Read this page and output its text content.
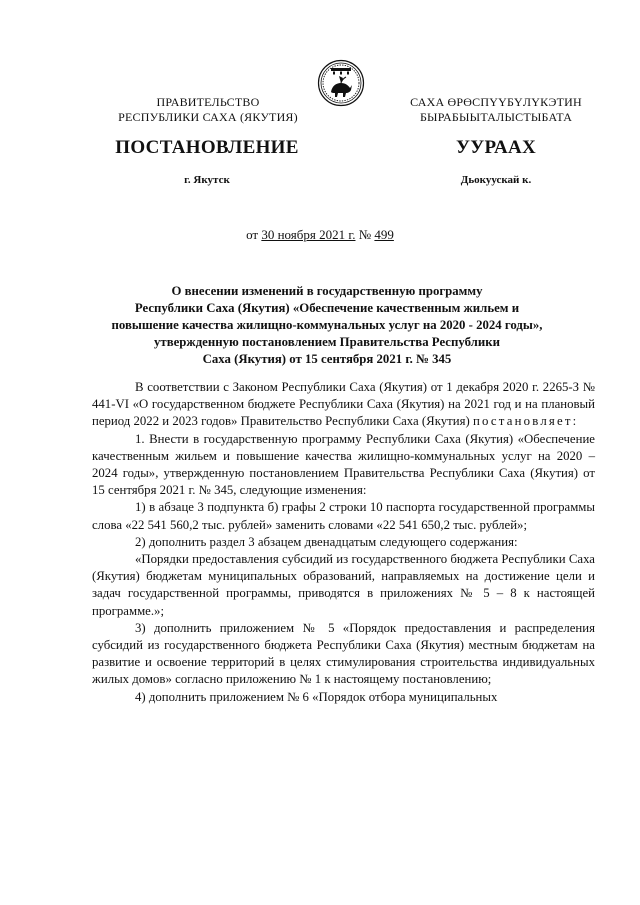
ПРАВИТЕЛЬСТВО
РЕСПУБЛИКИ САХА (ЯКУТИЯ)
САХА ӨРӨСПҮҮБҮЛҮКЭТИН
БЫРАБЫЫТАЛЫСТЫБАТА
ПОСТАНОВЛЕНИЕ	УУРААХ
г. Якутск	Дьокуускай к.
от 30 ноября 2021 г. № 499
О внесении изменений в государственную программу
Республики Саха (Якутия) «Обеспечение качественным жильем и
повышение качества жилищно-коммунальных услуг на 2020 - 2024 годы»,
утвержденную постановлением Правительства Республики
Саха (Якутия) от 15 сентября 2021 г. № 345

В соответствии с Законом Республики Саха (Якутия) от 1 декабря 2020 г. 2265-З № 441-VI «О государственном бюджете Республики Саха (Якутия) на 2021 год и на плановый период 2022 и 2023 годов» Правительство Республики Саха (Якутия) постановляет:

1. Внести в государственную программу Республики Саха (Якутия) «Обеспечение качественным жильем и повышение качества жилищно-коммунальных услуг на 2020 – 2024 годы», утвержденную постановлением Правительства Республики Саха (Якутия) от 15 сентября 2021 г. № 345, следующие изменения:

1) в абзаце 3 подпункта б) графы 2 строки 10 паспорта государственной программы слова «22 541 560,2 тыс. рублей» заменить словами «22 541 650,2 тыс. рублей»;

2) дополнить раздел 3 абзацем двенадцатым следующего содержания:

«Порядки предоставления субсидий из государственного бюджета Республики Саха (Якутия) бюджетам муниципальных образований, направляемых на достижение цели и задач государственной программы, приводятся в приложениях № 5 – 8 к настоящей программе.»;

3) дополнить приложением № 5 «Порядок предоставления и распределения субсидий из государственного бюджета Республики Саха (Якутия) местным бюджетам на развитие и освоение территорий в целях стимулирования строительства индивидуальных жилых домов» согласно приложению № 1 к настоящему постановлению;

4) дополнить приложением № 6 «Порядок отбора муниципальных
